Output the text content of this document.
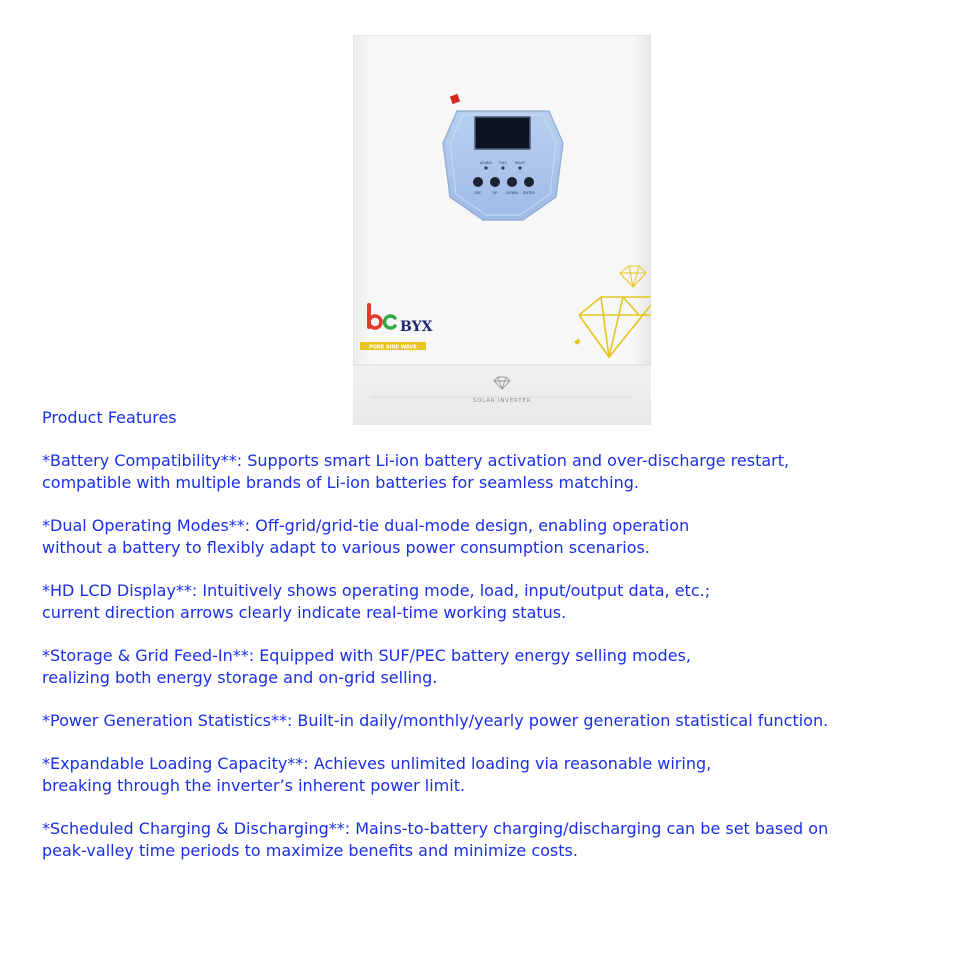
AC/INV CHG FAULT
ESC	UP	DOWN ENTER
BYX
PURE SINE WAVE
SOLAR INVERTER
Product Features
*Battery Compatibility**: Supports smart Li-ion battery activation and over-discharge restart,
compatible with multiple brands of Li-ion batteries for seamless matching.
*Dual Operating Modes**: Off-grid/grid-tie dual-mode design, enabling operation
without a battery to flexibly adapt to various power consumption scenarios.
*HD LCD Display**: Intuitively shows operating mode, load, input/output data, etc.;
current direction arrows clearly indicate real-time working status.
*Storage & Grid Feed-In**: Equipped with SUF/PEC battery energy selling modes,
realizing both energy storage and on-grid selling.
*Power Generation Statistics**: Built-in daily/monthly/yearly power generation statistical function.
*Expandable Loading Capacity**: Achieves unlimited loading via reasonable wiring,
breaking through the inverter’s inherent power limit.
*Scheduled Charging & Discharging**: Mains-to-battery charging/discharging can be set based on
peak-valley time periods to maximize benefits and minimize costs.
